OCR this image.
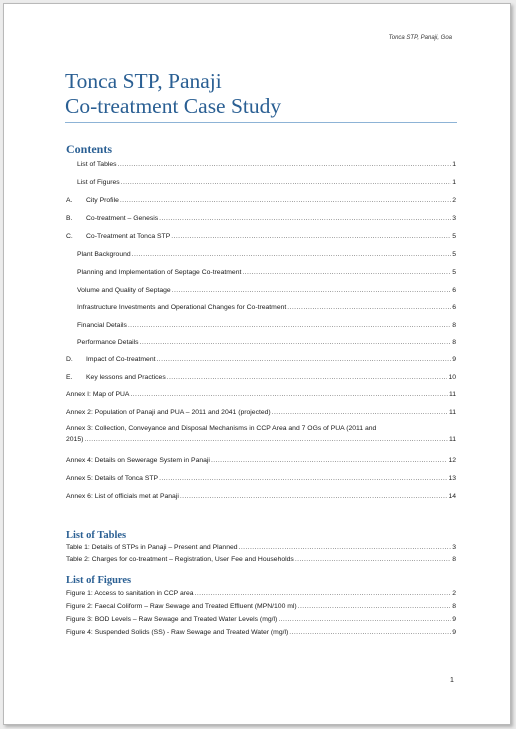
Tonca STP, Panaji, Goa
Tonca STP, Panaji
Co-treatment Case Study
Contents
List of Tables .....	1
List of Figures .....	1
A. City Profile .....	2
B. Co-treatment – Genesis .....	3
C. Co-Treatment at Tonca STP .....	5
Plant Background .....	5
Planning and Implementation of Septage Co-treatment .....	5
Volume and Quality of Septage .....	6
Infrastructure Investments and Operational Changes for Co-treatment .....	6
Financial Details .....	8
Performance Details .....	8
D. Impact of Co-treatment .....	9
E. Key lessons and Practices .....	10
Annex I: Map of PUA .....	11
Annex 2: Population of Panaji and PUA – 2011 and 2041 (projected) .....	11
Annex 3: Collection, Conveyance and Disposal Mechanisms in CCP Area and 7 OGs of PUA (2011 and
2015) .....	11
Annex 4: Details on Sewerage System in Panaji .....	12
Annex 5: Details of Tonca STP .....	13
Annex 6: List of officials met at Panaji .....	14
List of Tables
Table 1: Details of STPs in Panaji – Present and Planned .....	3
Table 2: Charges for co-treatment – Registration, User Fee and Households .....	8
List of Figures
Figure 1: Access to sanitation in CCP area .....	2
Figure 2: Faecal Coliform – Raw Sewage and Treated Effluent (MPN/100 ml) .....	8
Figure 3: BOD Levels – Raw Sewage and Treated Water Levels (mg/l) .....	9
Figure 4: Suspended Solids (SS) - Raw Sewage and Treated Water (mg/l) .....	9
1
